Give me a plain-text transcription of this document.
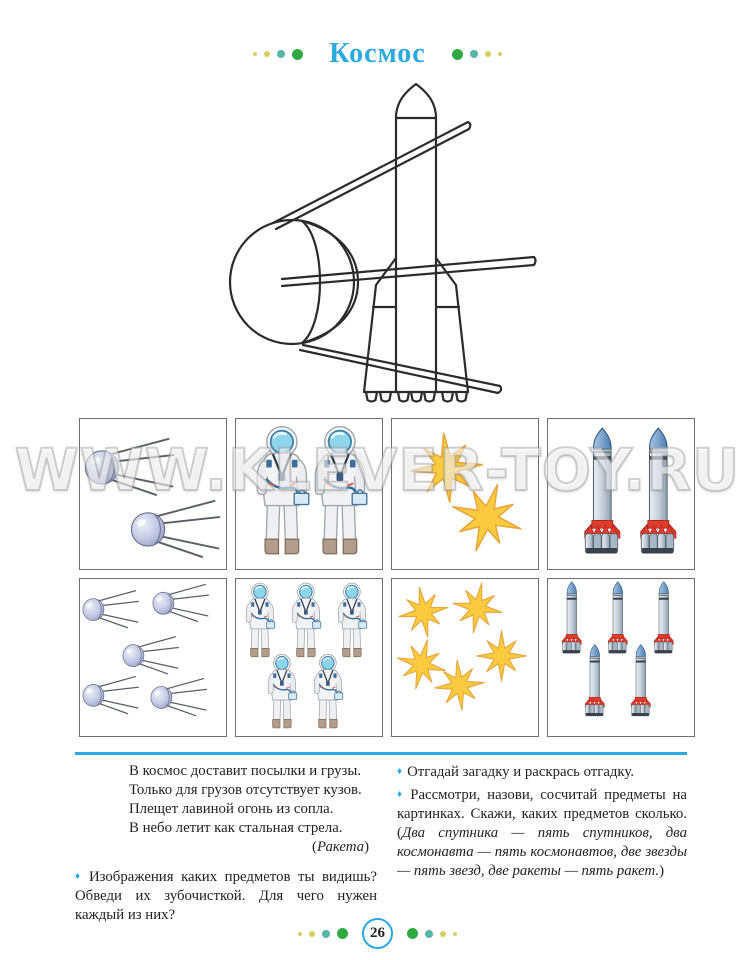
Космос
WWW.KLEVER-TOY.RU
В космос доставит посылки и грузы.
Только для грузов отсутствует кузов.
Плещет лавиной огонь из сопла.
В небо летит как стальная стрела.
(Ракета)

♦ Изображения каких предметов ты видишь? Обведи их зубочисткой. Для чего нужен каждый из них?

♦ Отгадай загадку и раскрась отгадку.

♦ Рассмотри, назови, сосчитай предметы на картинках. Скажи, каких предметов сколько. (Два спутника — пять спутников, два космонавта — пять космонавтов, две звезды — пять звезд, две ракеты — пять ракет.)

26
